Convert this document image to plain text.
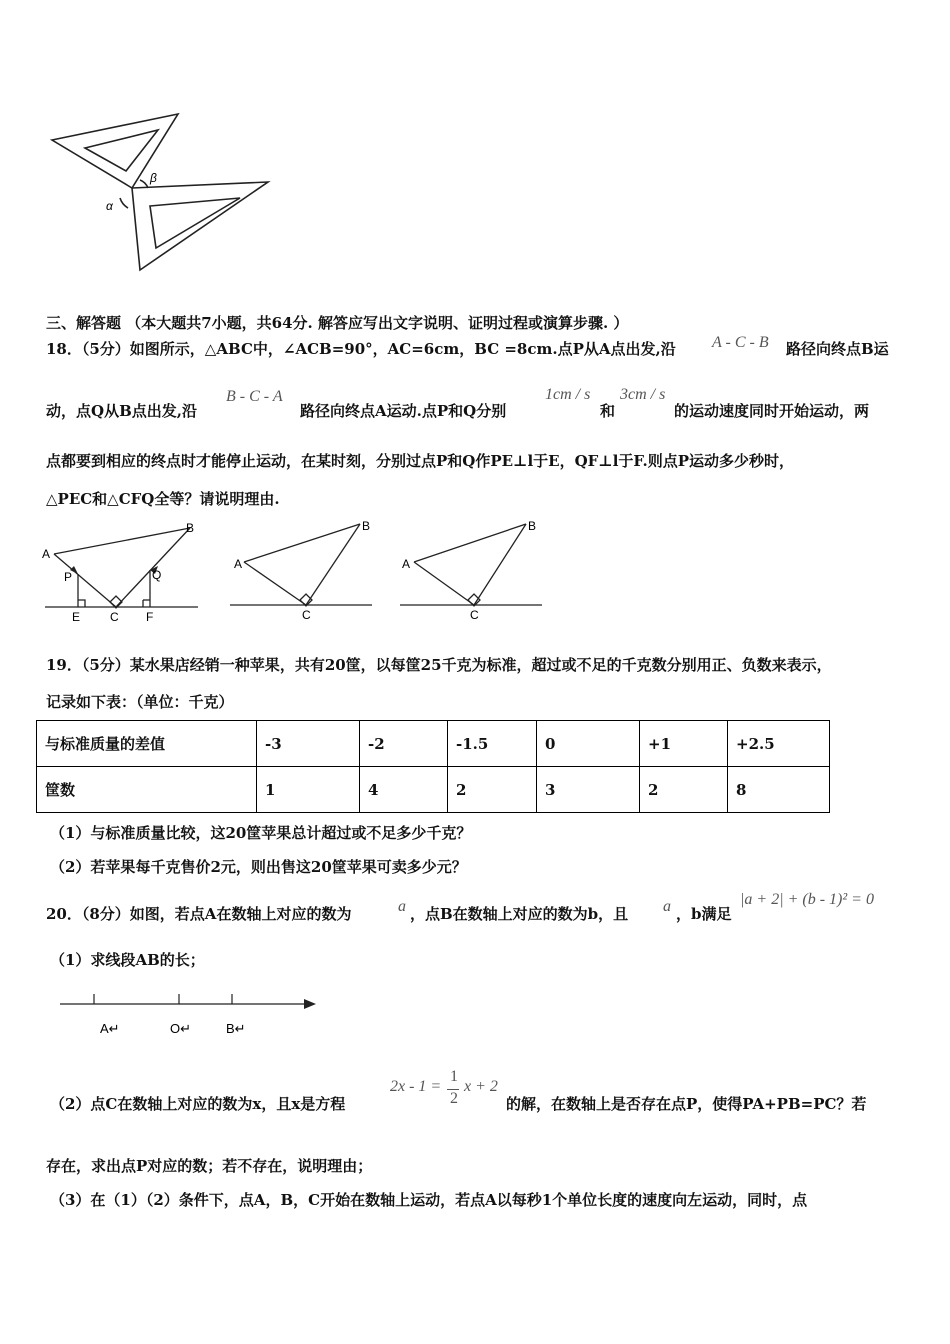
α
β
三、解答题 （本大题共7小题，共64分. 解答应写出文字说明、证明过程或演算步骤. ）
18．（5分）如图所示，△ABC中，∠ACB=90°，AC=6cm，BC =8cm.点P从A点出发,沿 A - C - B 路径向终点B运
动，点Q从B点出发,沿
B - C - A
路径向终点A运动.点P和Q分别
1cm / s
和
3cm / s
的运动速度同时开始运动，两
点都要到相应的终点时才能停止运动，在某时刻，分别过点P和Q作PE⊥l于E，QF⊥l于F.则点P运动多少秒时，
△PEC和△CFQ全等？请说明理由.
A
B
P	Q
E C F
A
B
C
A
B
C
19．（5分）某水果店经销一种苹果，共有20筐，以每筐25千克为标准，超过或不足的千克数分别用正、负数来表示，
记录如下表：（单位：千克）
与标准质量的差值	-3	-2	-1.5	0	+1	+2.5
筐数	1	4	2	3	2	8
（1）与标准质量比较，这20筐苹果总计超过或不足多少千克？
（2）若苹果每千克售价2元，则出售这20筐苹果可卖多少元？
20．（8分）如图，若点A在数轴上对应的数为	a ，点B在数轴上对应的数为b，且 a ，b满足
|a + 2| + (b - 1)² = 0
（1）求线段AB的长；
A↵	O↵	B↵
（2）点C在数轴上对应的数为x，且x是方程
2x - 1 =
1
2
x + 2
的解，在数轴上是否存在点P，使得PA+PB=PC？若
存在，求出点P对应的数；若不存在，说明理由；
（3）在（1）（2）条件下，点A，B，C开始在数轴上运动，若点A以每秒1个单位长度的速度向左运动，同时，点
